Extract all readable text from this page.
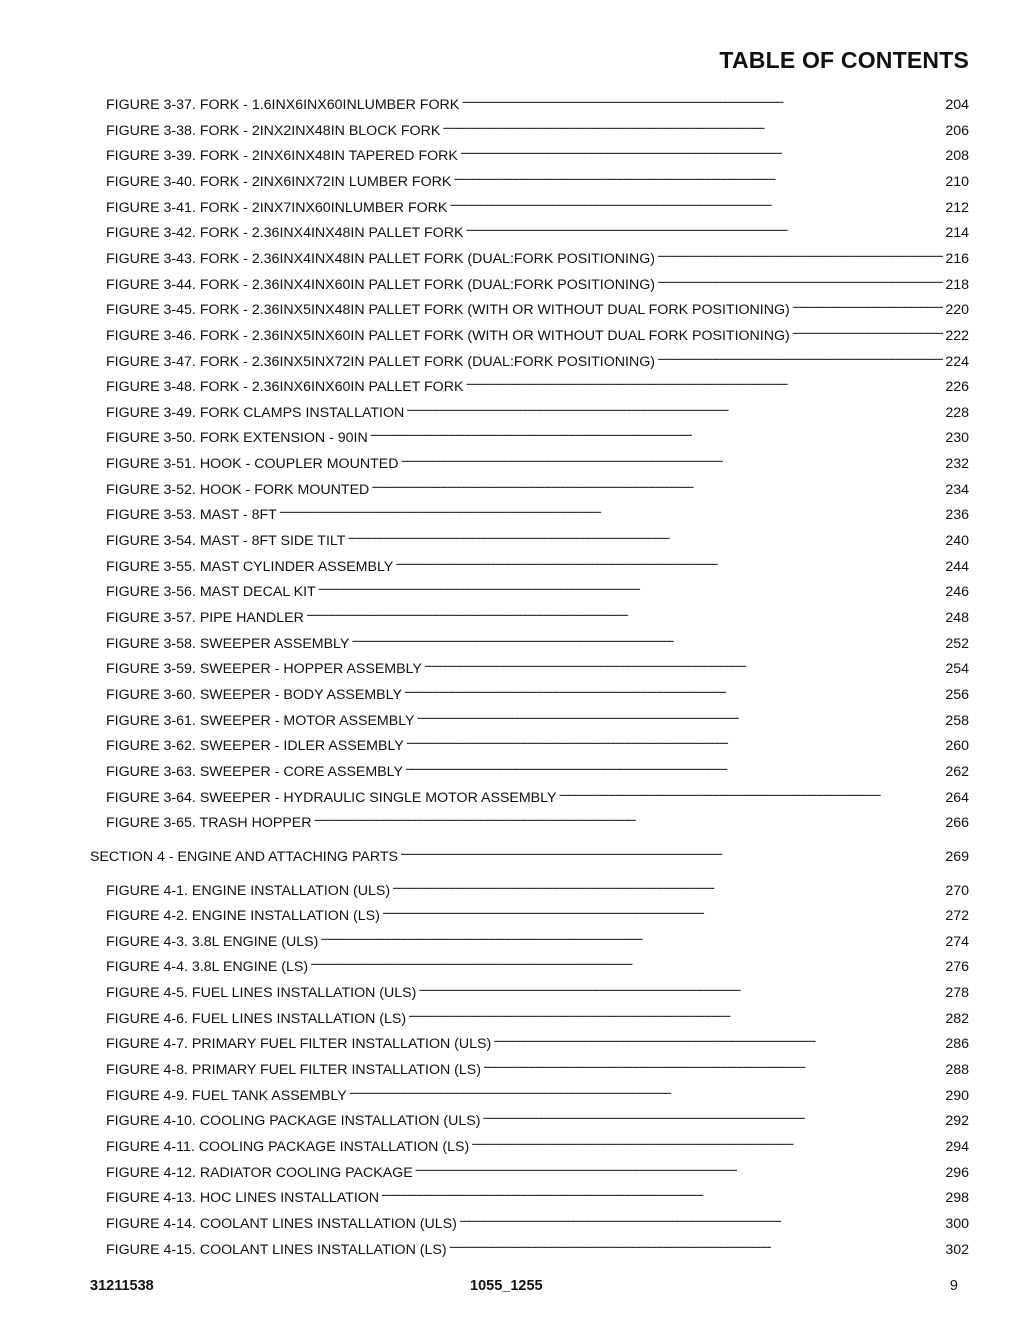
TABLE OF CONTENTS
FIGURE 3-37. FORK - 1.6INX6INX60INLUMBER FORK . . .	204
FIGURE 3-38. FORK - 2INX2INX48IN BLOCK FORK . . .	206
FIGURE 3-39. FORK - 2INX6INX48IN TAPERED FORK . . .	208
FIGURE 3-40. FORK - 2INX6INX72IN LUMBER FORK . . .	210
FIGURE 3-41. FORK - 2INX7INX60INLUMBER FORK . . .	212
FIGURE 3-42. FORK - 2.36INX4INX48IN PALLET FORK . . .	214
FIGURE 3-43. FORK - 2.36INX4INX48IN PALLET FORK (DUAL:FORK POSITIONING) . . .	216
FIGURE 3-44. FORK - 2.36INX4INX60IN PALLET FORK (DUAL:FORK POSITIONING) . . .	218
FIGURE 3-45. FORK - 2.36INX5INX48IN PALLET FORK (WITH OR WITHOUT DUAL FORK POSITIONING) . . .	220
FIGURE 3-46. FORK - 2.36INX5INX60IN PALLET FORK (WITH OR WITHOUT DUAL FORK POSITIONING) . . .	222
FIGURE 3-47. FORK - 2.36INX5INX72IN PALLET FORK (DUAL:FORK POSITIONING) . . .	224
FIGURE 3-48. FORK - 2.36INX6INX60IN PALLET FORK . . .	226
FIGURE 3-49. FORK CLAMPS INSTALLATION . . .	228
FIGURE 3-50. FORK EXTENSION - 90IN . . .	230
FIGURE 3-51. HOOK - COUPLER MOUNTED . . .	232
FIGURE 3-52. HOOK - FORK MOUNTED . . .	234
FIGURE 3-53. MAST - 8FT . . .	236
FIGURE 3-54. MAST - 8FT SIDE TILT . . .	240
FIGURE 3-55. MAST CYLINDER ASSEMBLY . . .	244
FIGURE 3-56. MAST DECAL KIT . . .	246
FIGURE 3-57. PIPE HANDLER . . .	248
FIGURE 3-58. SWEEPER ASSEMBLY . . .	252
FIGURE 3-59. SWEEPER - HOPPER ASSEMBLY . . .	254
FIGURE 3-60. SWEEPER - BODY ASSEMBLY . . .	256
FIGURE 3-61. SWEEPER - MOTOR ASSEMBLY . . .	258
FIGURE 3-62. SWEEPER - IDLER ASSEMBLY . . .	260
FIGURE 3-63. SWEEPER - CORE ASSEMBLY . . .	262
FIGURE 3-64. SWEEPER - HYDRAULIC SINGLE MOTOR ASSEMBLY . . .	264
FIGURE 3-65. TRASH HOPPER . . .	266
SECTION 4 - ENGINE AND ATTACHING PARTS . . .	269
FIGURE 4-1. ENGINE INSTALLATION (ULS) . . .	270
FIGURE 4-2. ENGINE INSTALLATION (LS) . . .	272
FIGURE 4-3. 3.8L ENGINE (ULS) . . .	274
FIGURE 4-4. 3.8L ENGINE (LS) . . .	276
FIGURE 4-5. FUEL LINES INSTALLATION (ULS) . . .	278
FIGURE 4-6. FUEL LINES INSTALLATION (LS) . . .	282
FIGURE 4-7. PRIMARY FUEL FILTER INSTALLATION (ULS) . . .	286
FIGURE 4-8. PRIMARY FUEL FILTER INSTALLATION (LS) . . .	288
FIGURE 4-9. FUEL TANK ASSEMBLY . . .	290
FIGURE 4-10. COOLING PACKAGE INSTALLATION (ULS) . . .	292
FIGURE 4-11. COOLING PACKAGE INSTALLATION (LS) . . .	294
FIGURE 4-12. RADIATOR COOLING PACKAGE . . .	296
FIGURE 4-13. HOC LINES INSTALLATION . . .	298
FIGURE 4-14. COOLANT LINES INSTALLATION (ULS) . . .	300
FIGURE 4-15. COOLANT LINES INSTALLATION (LS) . . .	302
31211538	1055_1255	9
